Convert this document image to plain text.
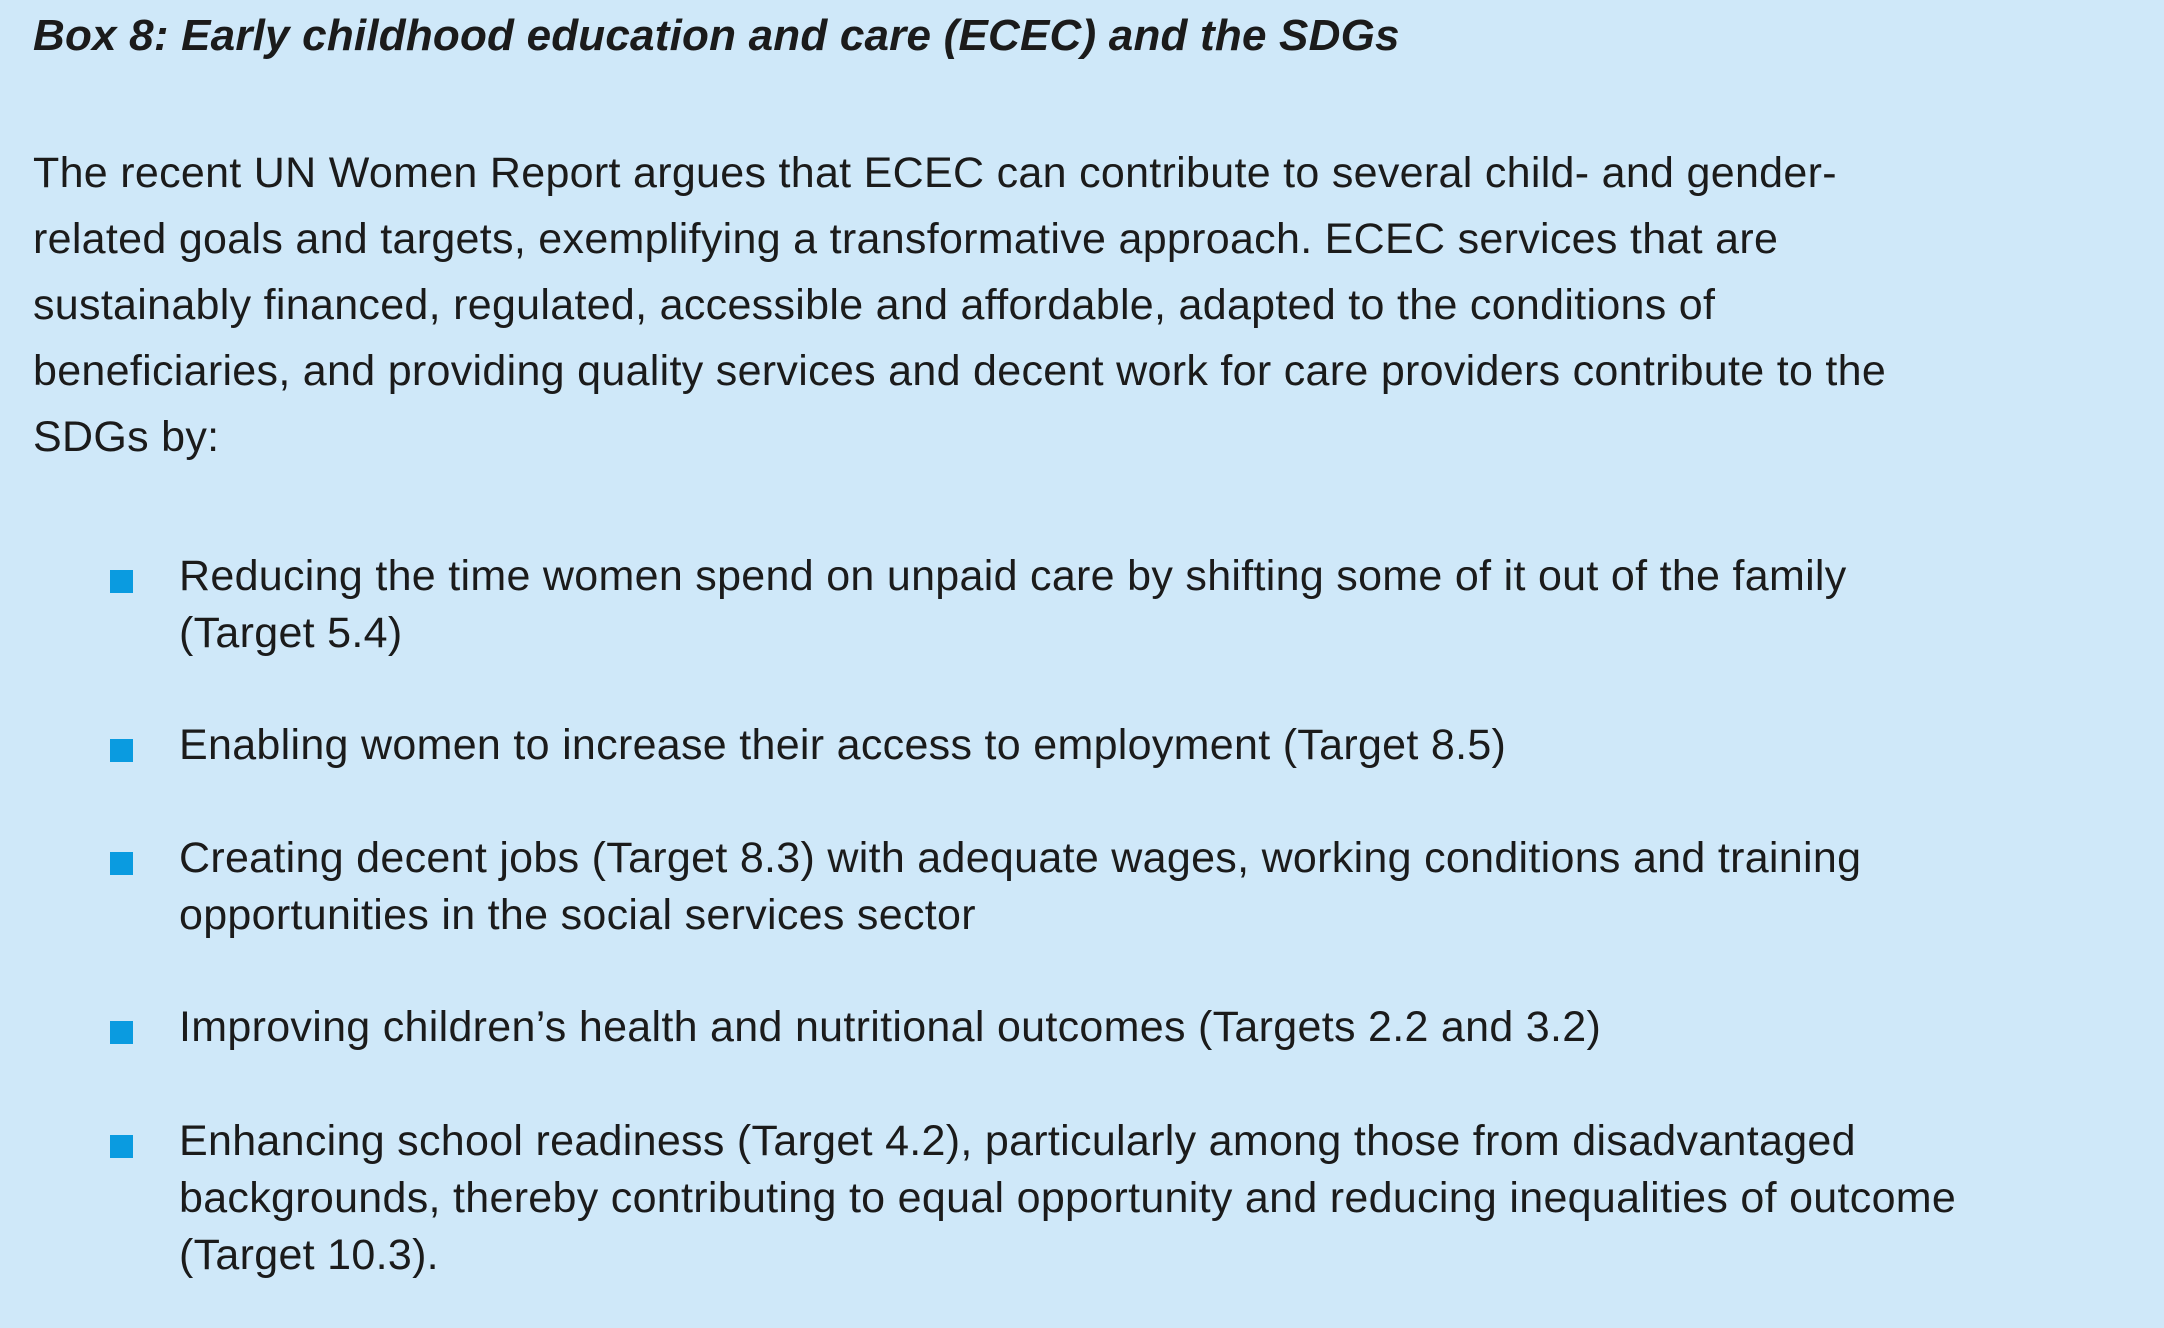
Box 8: Early childhood education and care (ECEC) and the SDGs

The recent UN Women Report argues that ECEC can contribute to several child- and gender-
related goals and targets, exemplifying a transformative approach. ECEC services that are
sustainably financed, regulated, accessible and affordable, adapted to the conditions of
beneficiaries, and providing quality services and decent work for care providers contribute to the
SDGs by:

Reducing the time women spend on unpaid care by shifting some of it out of the family
(Target 5.4)

Enabling women to increase their access to employment (Target 8.5)

Creating decent jobs (Target 8.3) with adequate wages, working conditions and training
opportunities in the social services sector

Improving children’s health and nutritional outcomes (Targets 2.2 and 3.2)

Enhancing school readiness (Target 4.2), particularly among those from disadvantaged
backgrounds, thereby contributing to equal opportunity and reducing inequalities of outcome
(Target 10.3).
